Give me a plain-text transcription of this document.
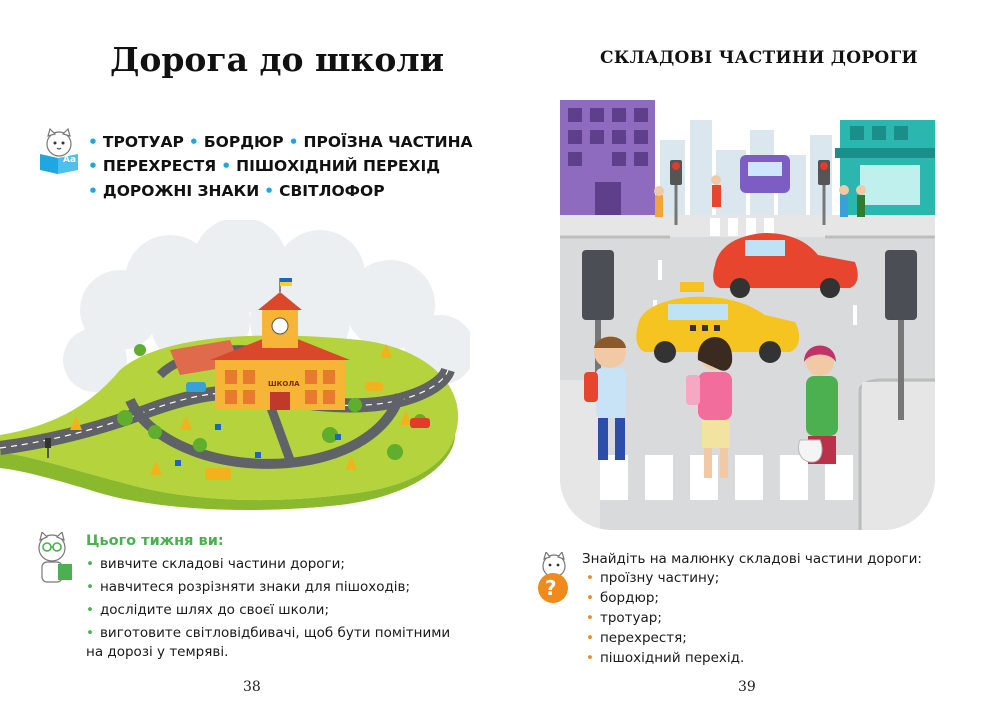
Дорога до школи
Аа
• ТРОТУАР • БОРДЮР • ПРОЇЗНА ЧАСТИНА
• ПЕРЕХРЕСТЯ • ПІШОХІДНИЙ ПЕРЕХІД
• ДОРОЖНІ ЗНАКИ • СВІТЛОФОР
ШКОЛА
Цього тижня ви:
• вивчите складові частини дороги;
• навчитеся розрізняти знаки для пішоходів;
• дослідите шлях до своєї школи;
• виготовите світловідбивачі, щоб бути помітними на дорозі у темряві.
38
СКЛАДОВІ ЧАСТИНИ ДОРОГИ
?
Знайдіть на малюнку складові частини дороги:
• проїзну частину;
• бордюр;
• тротуар;
• перехрестя;
• пішохідний перехід.
39
